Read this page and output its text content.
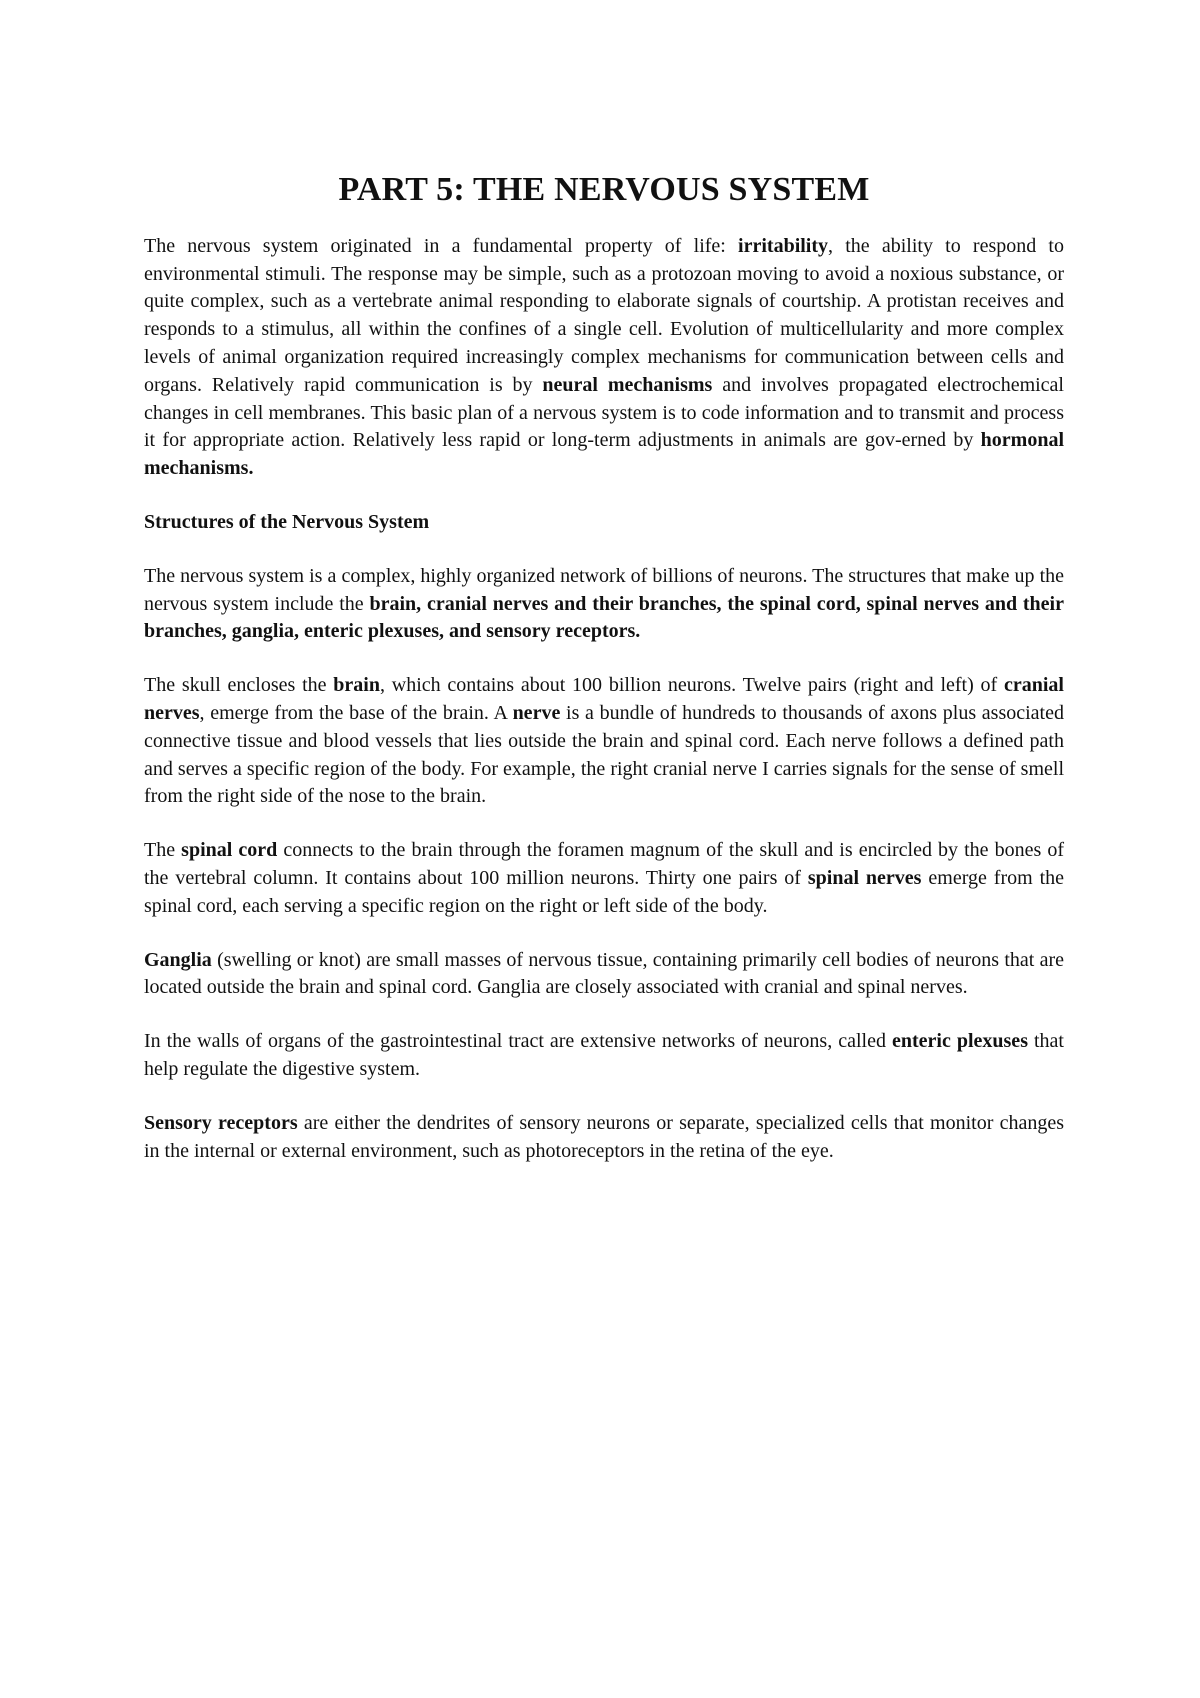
PART 5: THE NERVOUS SYSTEM

The nervous system originated in a fundamental property of life: irritability, the ability to respond to environmental stimuli. The response may be simple, such as a protozoan moving to avoid a noxious substance, or quite complex, such as a vertebrate animal responding to elaborate signals of courtship. A protistan receives and responds to a stimulus, all within the confines of a single cell. Evolution of multicellularity and more complex levels of animal organization required increasingly complex mechanisms for communication between cells and organs. Relatively rapid communication is by neural mechanisms and involves propagated electrochemical changes in cell membranes. This basic plan of a nervous system is to code information and to transmit and process it for appropriate action. Relatively less rapid or long-term adjustments in animals are gov-erned by hormonal mechanisms.

Structures of the Nervous System

The nervous system is a complex, highly organized network of billions of neurons. The structures that make up the nervous system include the brain, cranial nerves and their branches, the spinal cord, spinal nerves and their branches, ganglia, enteric plexuses, and sensory receptors.

The skull encloses the brain, which contains about 100 billion neurons. Twelve pairs (right and left) of cranial nerves, emerge from the base of the brain. A nerve is a bundle of hundreds to thousands of axons plus associated connective tissue and blood vessels that lies outside the brain and spinal cord. Each nerve follows a defined path and serves a specific region of the body. For example, the right cranial nerve I carries signals for the sense of smell from the right side of the nose to the brain.

The spinal cord connects to the brain through the foramen magnum of the skull and is encircled by the bones of the vertebral column. It contains about 100 million neurons. Thirty one pairs of spinal nerves emerge from the spinal cord, each serving a specific region on the right or left side of the body.

Ganglia (swelling or knot) are small masses of nervous tissue, containing primarily cell bodies of neurons that are located outside the brain and spinal cord. Ganglia are closely associated with cranial and spinal nerves.

In the walls of organs of the gastrointestinal tract are extensive networks of neurons, called enteric plexuses that help regulate the digestive system.

Sensory receptors are either the dendrites of sensory neurons or separate, specialized cells that monitor changes in the internal or external environment, such as photoreceptors in the retina of the eye.
